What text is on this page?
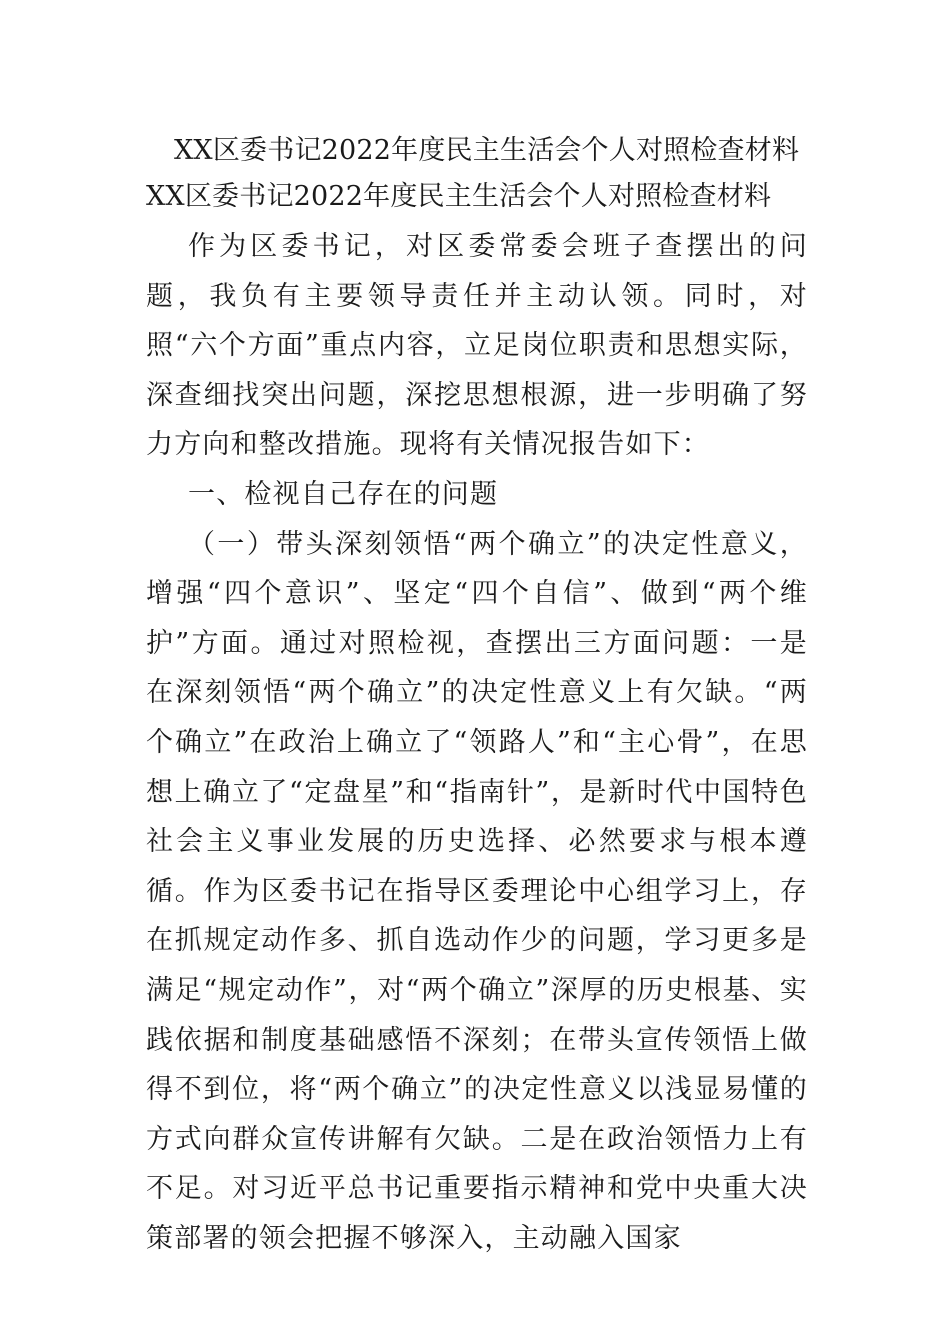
XX区委书记2022年度民主生活会个人对照检查材料
XX区委书记2022年度民主生活会个人对照检查材料

作为区委书记，对区委常委会班子查摆出的问题，我负有主要领导责任并主动认领。同时，对照“六个方面”重点内容，立足岗位职责和思想实际，深查细找突出问题，深挖思想根源，进一步明确了努力方向和整改措施。现将有关情况报告如下：

一、检视自己存在的问题

（一）带头深刻领悟“两个确立”的决定性意义，增强“四个意识”、坚定“四个自信”、做到“两个维护”方面。通过对照检视，查摆出三方面问题：一是在深刻领悟“两个确立”的决定性意义上有欠缺。“两个确立”在政治上确立了“领路人”和“主心骨”，在思想上确立了“定盘星”和“指南针”，是新时代中国特色社会主义事业发展的历史选择、必然要求与根本遵循。作为区委书记在指导区委理论中心组学习上，存在抓规定动作多、抓自选动作少的问题，学习更多是满足“规定动作”，对“两个确立”深厚的历史根基、实践依据和制度基础感悟不深刻；在带头宣传领悟上做得不到位，将“两个确立”的决定性意义以浅显易懂的方式向群众宣传讲解有欠缺。二是在政治领悟力上有不足。对习近平总书记重要指示精神和党中央重大决策部署的领会把握不够深入，主动融入国家
